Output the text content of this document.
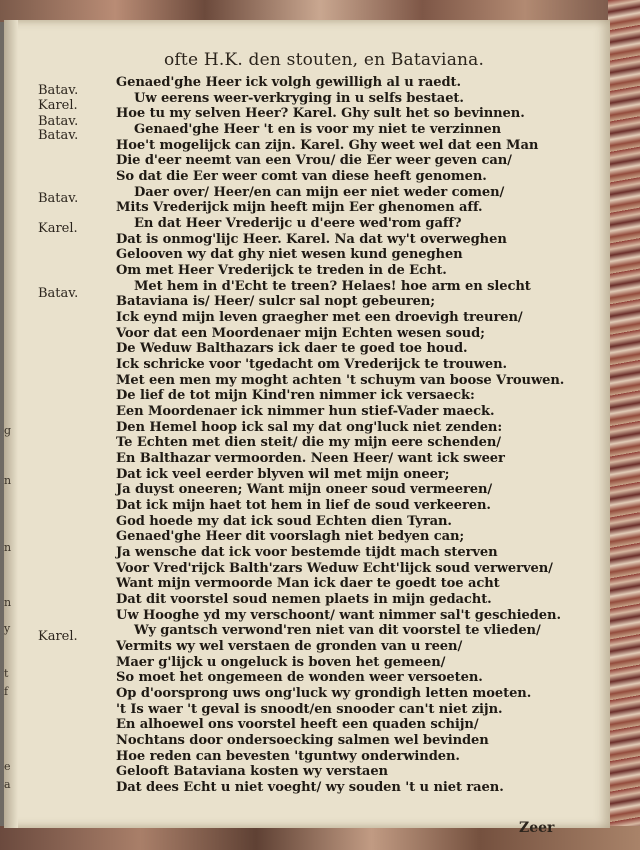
g
n
n
n
y
t
f
e
a
ofte H.K. den stouten, en Bataviana.
Batav.
Karel.
Batav.
Batav.
Batav.
Karel.
Batav.
Karel.
Genaed'ghe Heer ick volgh gewilligh al u raedt.
Uw eerens weer-verkryging in u selfs bestaet.
Hoe tu my selven Heer? Karel. Ghy sult het so bevinnen.
Genaed'ghe Heer 't en is voor my niet te verzinnen
Hoe't mogelijck can zijn. Karel. Ghy weet wel dat een Man
Die d'eer neemt van een Vrou/ die Eer weer geven can/
So dat die Eer weer comt van diese heeft genomen.
Daer over/ Heer/en can mijn eer niet weder comen/
Mits Vrederijck mijn heeft mijn Eer ghenomen aff.
En dat Heer Vrederijc u d'eere wed'rom gaff?
Dat is onmog'lijc Heer. Karel. Na dat wy't overweghen
Gelooven wy dat ghy niet wesen kund geneghen
Om met Heer Vrederijck te treden in de Echt.
Met hem in d'Echt te treen? Helaes! hoe arm en slecht
Bataviana is/ Heer/ sulcr sal nopt gebeuren;
Ick eynd mijn leven graegher met een droevigh treuren/
Voor dat een Moordenaer mijn Echten wesen soud;
De Weduw Balthazars ick daer te goed toe houd.
Ick schricke voor 'tgedacht om Vrederijck te trouwen.
Met een men my moght achten 't schuym van boose Vrouwen.
De lief de tot mijn Kind'ren nimmer ick versaeck:
Een Moordenaer ick nimmer hun stief-Vader maeck.
Den Hemel hoop ick sal my dat ong'luck niet zenden:
Te Echten met dien steit/ die my mijn eere schenden/
En Balthazar vermoorden. Neen Heer/ want ick sweer
Dat ick veel eerder blyven wil met mijn oneer;
Ja duyst oneeren; Want mijn oneer soud vermeeren/
Dat ick mijn haet tot hem in lief de soud verkeeren.
God hoede my dat ick soud Echten dien Tyran.
Genaed'ghe Heer dit voorslagh niet bedyen can;
Ja wensche dat ick voor bestemde tijdt mach sterven
Voor Vred'rijck Balth'zars Weduw Echt'lijck soud verwerven/
Want mijn vermoorde Man ick daer te goedt toe acht
Dat dit voorstel soud nemen plaets in mijn gedacht.
Uw Hooghe yd my verschoont/ want nimmer sal't geschieden.
Wy gantsch verwond'ren niet van dit voorstel te vlieden/
Vermits wy wel verstaen de gronden van u reen/
Maer g'lijck u ongeluck is boven het gemeen/
So moet het ongemeen de wonden weer versoeten.
Op d'oorsprong uws ong'luck wy grondigh letten moeten.
't Is waer 't geval is snoodt/en snooder can't niet zijn.
En alhoewel ons voorstel heeft een quaden schijn/
Nochtans door ondersoecking salmen wel bevinden
Hoe reden can bevesten 'tguntwy onderwinden.
Gelooft Bataviana kosten wy verstaen
Dat dees Echt u niet voeght/ wy souden 't u niet raen.
Zeer
